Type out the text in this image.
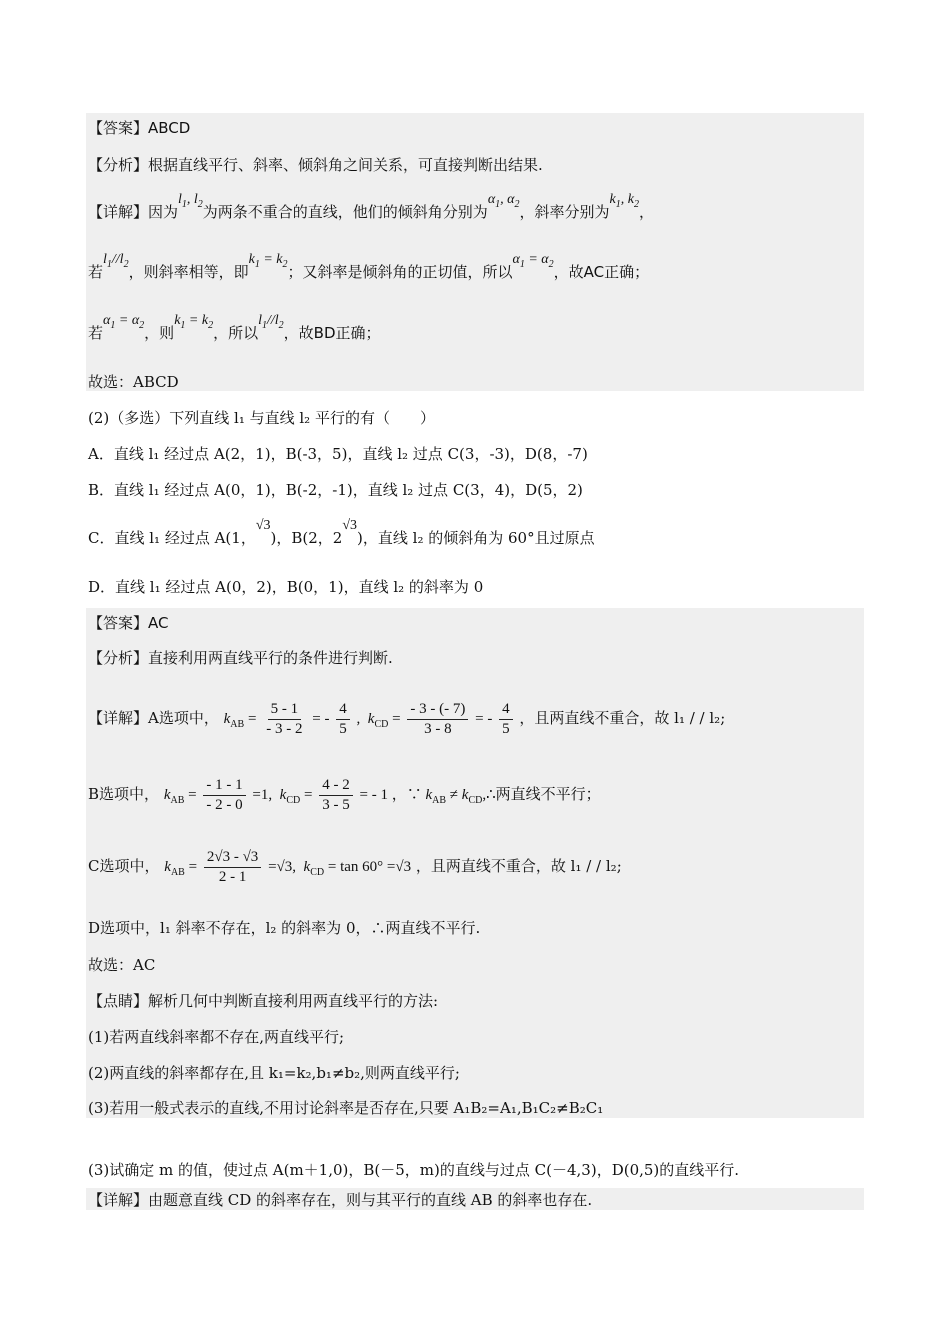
【答案】ABCD
【分析】根据直线平行、斜率、倾斜角之间关系，可直接判断出结果.
【详解】因为$l_1$, $l_2$为两条不重合的直线，他们的倾斜角分别为$\alpha_1$, $\alpha_2$，斜率分别为$k_1$, $k_2$，
若$l_1//l_2$，则斜率相等，即$k_1 = k_2$；又斜率是倾斜角的正切值，所以$\alpha_1 = \alpha_2$，故AC正确；
若$\alpha_1 = \alpha_2$，则$k_1 = k_2$，所以$l_1//l_2$，故BD正确；
故选：ABCD
(2)（多选）下列直线 l₁ 与直线 l₂ 平行的有（　　）
A．直线 l₁ 经过点 A(2，1)，B(-3，5)，直线 l₂ 过点 C(3，-3)，D(8，-7)
B．直线 l₁ 经过点 A(0，1)，B(-2，-1)，直线 l₂ 过点 C(3，4)，D(5，2)
C．直线 l₁ 经过点 A(1，√3)，B(2，2√3)，直线 l₂ 的倾斜角为 60°且过原点
D．直线 l₁ 经过点 A(0，2)，B(0，1)，直线 l₂ 的斜率为 0
【答案】AC
【分析】直接利用两直线平行的条件进行判断.
【详解】A选项中， $k_{AB} = \frac{5 - 1}{- 3 - 2}$ = - $\frac{4}{5}$ ,  $k_{CD} = \frac{- 3 - (- 7)}{3 - 8}$ = - $\frac{4}{5}$ ，且两直线不重合，故 l₁ / / l₂;
B选项中， $k_{AB} = \frac{- 1 - 1}{- 2 - 0} =1$,  $k_{CD} = \frac{4 - 2}{3 - 5}$ = - 1 ，∵ $k_{AB}$ ≠ $k_{CD},\therefore$两直线不平行；
C选项中， $k_{AB} = \frac{2√3 - √3}{2 - 1} =√3$,  $k_{CD} = \tan 60^\circ =√3$ ，且两直线不重合，故 l₁ / / l₂;
D选项中，l₁ 斜率不存在，l₂ 的斜率为 0，∴两直线不平行.
故选：AC
【点睛】解析几何中判断直接利用两直线平行的方法:
(1)若两直线斜率都不存在,两直线平行;
(2)两直线的斜率都存在,且 k₁=k₂,b₁≠b₂,则两直线平行;
(3)若用一般式表示的直线,不用讨论斜率是否存在,只要 A₁B₂=A₁,B₁C₂≠B₂C₁
(3)试确定 m 的值，使过点 A(m＋1,0)，B(－5，m)的直线与过点 C(－4,3)，D(0,5)的直线平行.
【详解】由题意直线 CD 的斜率存在，则与其平行的直线 AB 的斜率也存在.
